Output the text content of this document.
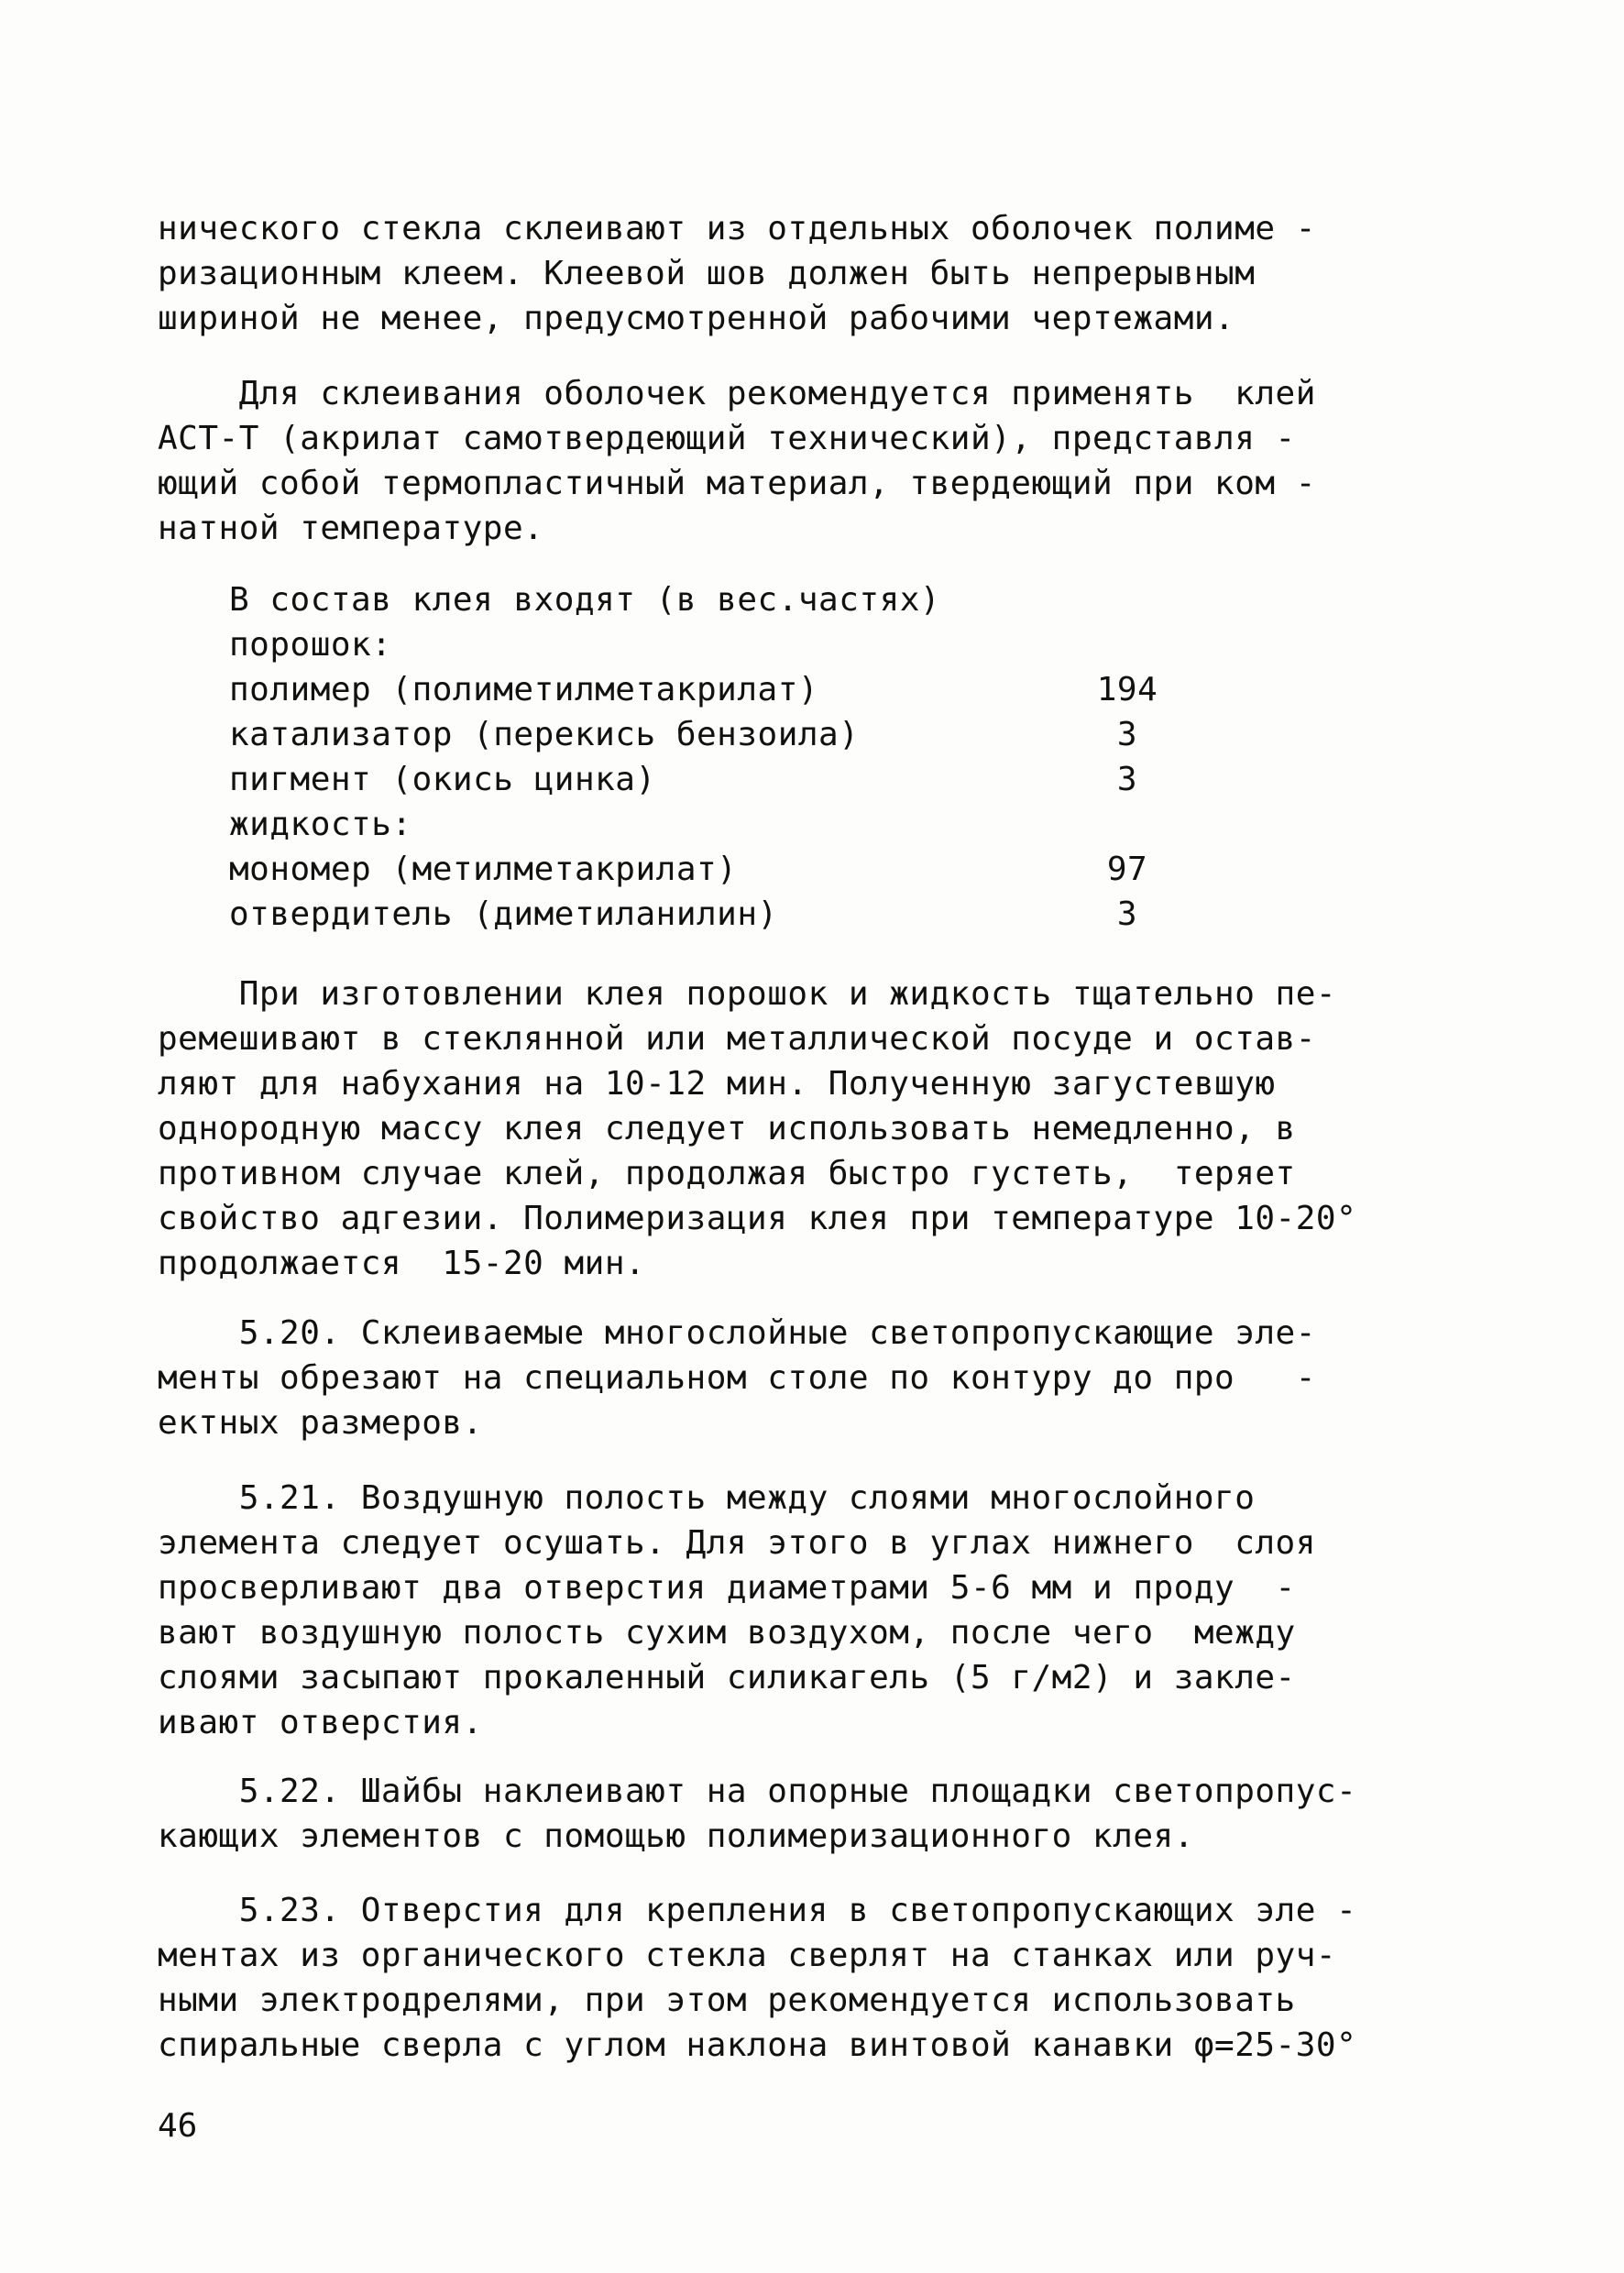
нического стекла склеивают из отдельных оболочек полиме -
ризационным клеем. Клеевой шов должен быть непрерывным
шириной не менее, предусмотренной рабочими чертежами.
Для склеивания оболочек рекомендуется применять  клей
АСТ-Т (акрилат самотвердеющий технический), представля -
ющий собой термопластичный материал, твердеющий при ком -
натной температуре.
В состав клея входят (в вес.частях)
порошок:
полимер (полиметилметакрилат)	194
катализатор (перекись бензоила)	3
пигмент (окись цинка)	3
жидкость:
мономер (метилметакрилат)	97
отвердитель (диметиланилин)	3
При изготовлении клея порошок и жидкость тщательно пе-
ремешивают в стеклянной или металлической посуде и остав-
ляют для набухания на 10-12 мин. Полученную загустевшую
однородную массу клея следует использовать немедленно, в
противном случае клей, продолжая быстро густеть,  теряет
свойство адгезии. Полимеризация клея при температуре 10-20°
продолжается  15-20 мин.
5.20. Склеиваемые многослойные светопропускающие эле-
менты обрезают на специальном столе по контуру до про   -
ектных размеров.
5.21. Воздушную полость между слоями многослойного
элемента следует осушать. Для этого в углах нижнего  слоя
просверливают два отверстия диаметрами 5-6 мм и проду  -
вают воздушную полость сухим воздухом, после чего  между
слоями засыпают прокаленный силикагель (5 г/м2) и закле-
ивают отверстия.
5.22. Шайбы наклеивают на опорные площадки светопропус-
кающих элементов с помощью полимеризационного клея.
5.23. Отверстия для крепления в светопропускающих эле -
ментах из органического стекла сверлят на станках или руч-
ными электродрелями, при этом рекомендуется использовать
спиральные сверла с углом наклона винтовой канавки φ=25-30°
46
